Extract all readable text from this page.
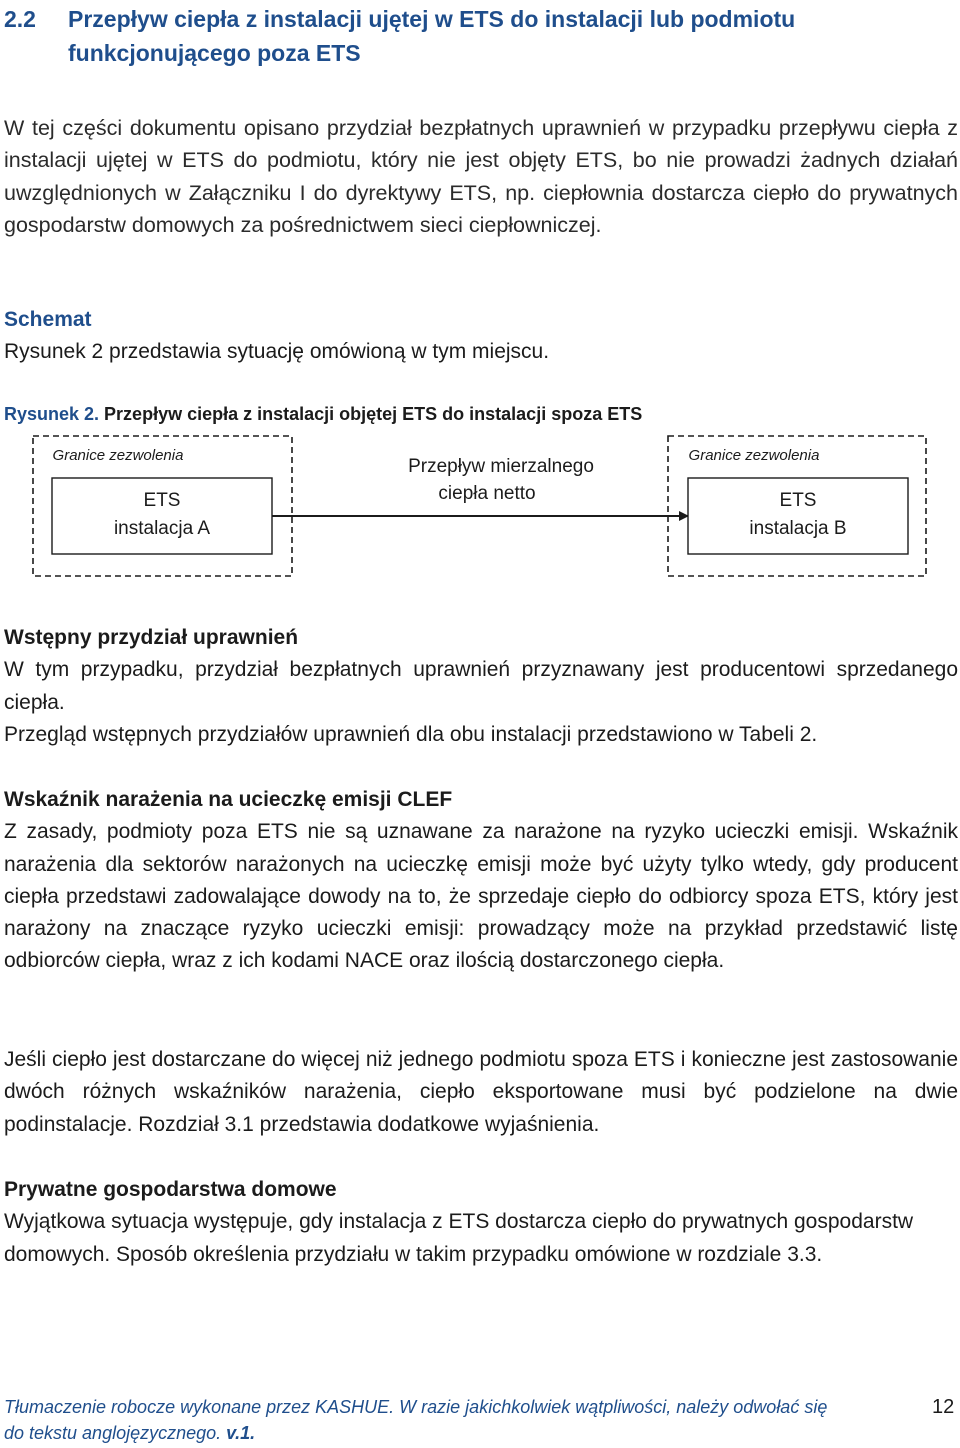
2.2 Przepływ ciepła z instalacji ujętej w ETS do instalacji lub podmiotu
funkcjonującego poza ETS

W tej części dokumentu opisano przydział bezpłatnych uprawnień w przypadku przepływu ciepła z instalacji ujętej w ETS do podmiotu, który nie jest objęty ETS, bo nie prowadzi żadnych działań uwzględnionych w Załączniku I do dyrektywy ETS, np. ciepłownia dostarcza ciepło do prywatnych gospodarstw domowych za pośrednictwem sieci ciepłowniczej.

Schemat

Rysunek 2 przedstawia sytuację omówioną w tym miejscu.

Rysunek 2. Przepływ ciepła z instalacji objętej ETS do instalacji spoza ETS
Granice zezwolenia
ETS
instalacja A
Przepływ mierzalnego
ciepła netto
Granice zezwolenia
ETS
instalacja B

Wstępny przydział uprawnień

W tym przypadku, przydział bezpłatnych uprawnień przyznawany jest producentowi sprzedanego ciepła.

Przegląd wstępnych przydziałów uprawnień dla obu instalacji przedstawiono w Tabeli 2.

Wskaźnik narażenia na ucieczkę emisji CLEF

Z zasady, podmioty poza ETS nie są uznawane za narażone na ryzyko ucieczki emisji. Wskaźnik narażenia dla sektorów narażonych na ucieczkę emisji może być użyty tylko wtedy, gdy producent ciepła przedstawi zadowalające dowody na to, że sprzedaje ciepło do odbiorcy spoza ETS, który jest narażony na znaczące ryzyko ucieczki emisji: prowadzący może na przykład przedstawić listę odbiorców ciepła, wraz z ich kodami NACE oraz ilością dostarczonego ciepła.

Jeśli ciepło jest dostarczane do więcej niż jednego podmiotu spoza ETS i konieczne jest zastosowanie dwóch różnych wskaźników narażenia, ciepło eksportowane musi być podzielone na dwie podinstalacje. Rozdział 3.1 przedstawia dodatkowe wyjaśnienia.

Prywatne gospodarstwa domowe

Wyjątkowa sytuacja występuje, gdy instalacja z ETS dostarcza ciepło do prywatnych gospodarstw domowych. Sposób określenia przydziału w takim przypadku omówione w rozdziale 3.3.

Tłumaczenie robocze wykonane przez KASHUE. W razie jakichkolwiek wątpliwości, należy odwołać się
do tekstu anglojęzycznego. v.1.
12
